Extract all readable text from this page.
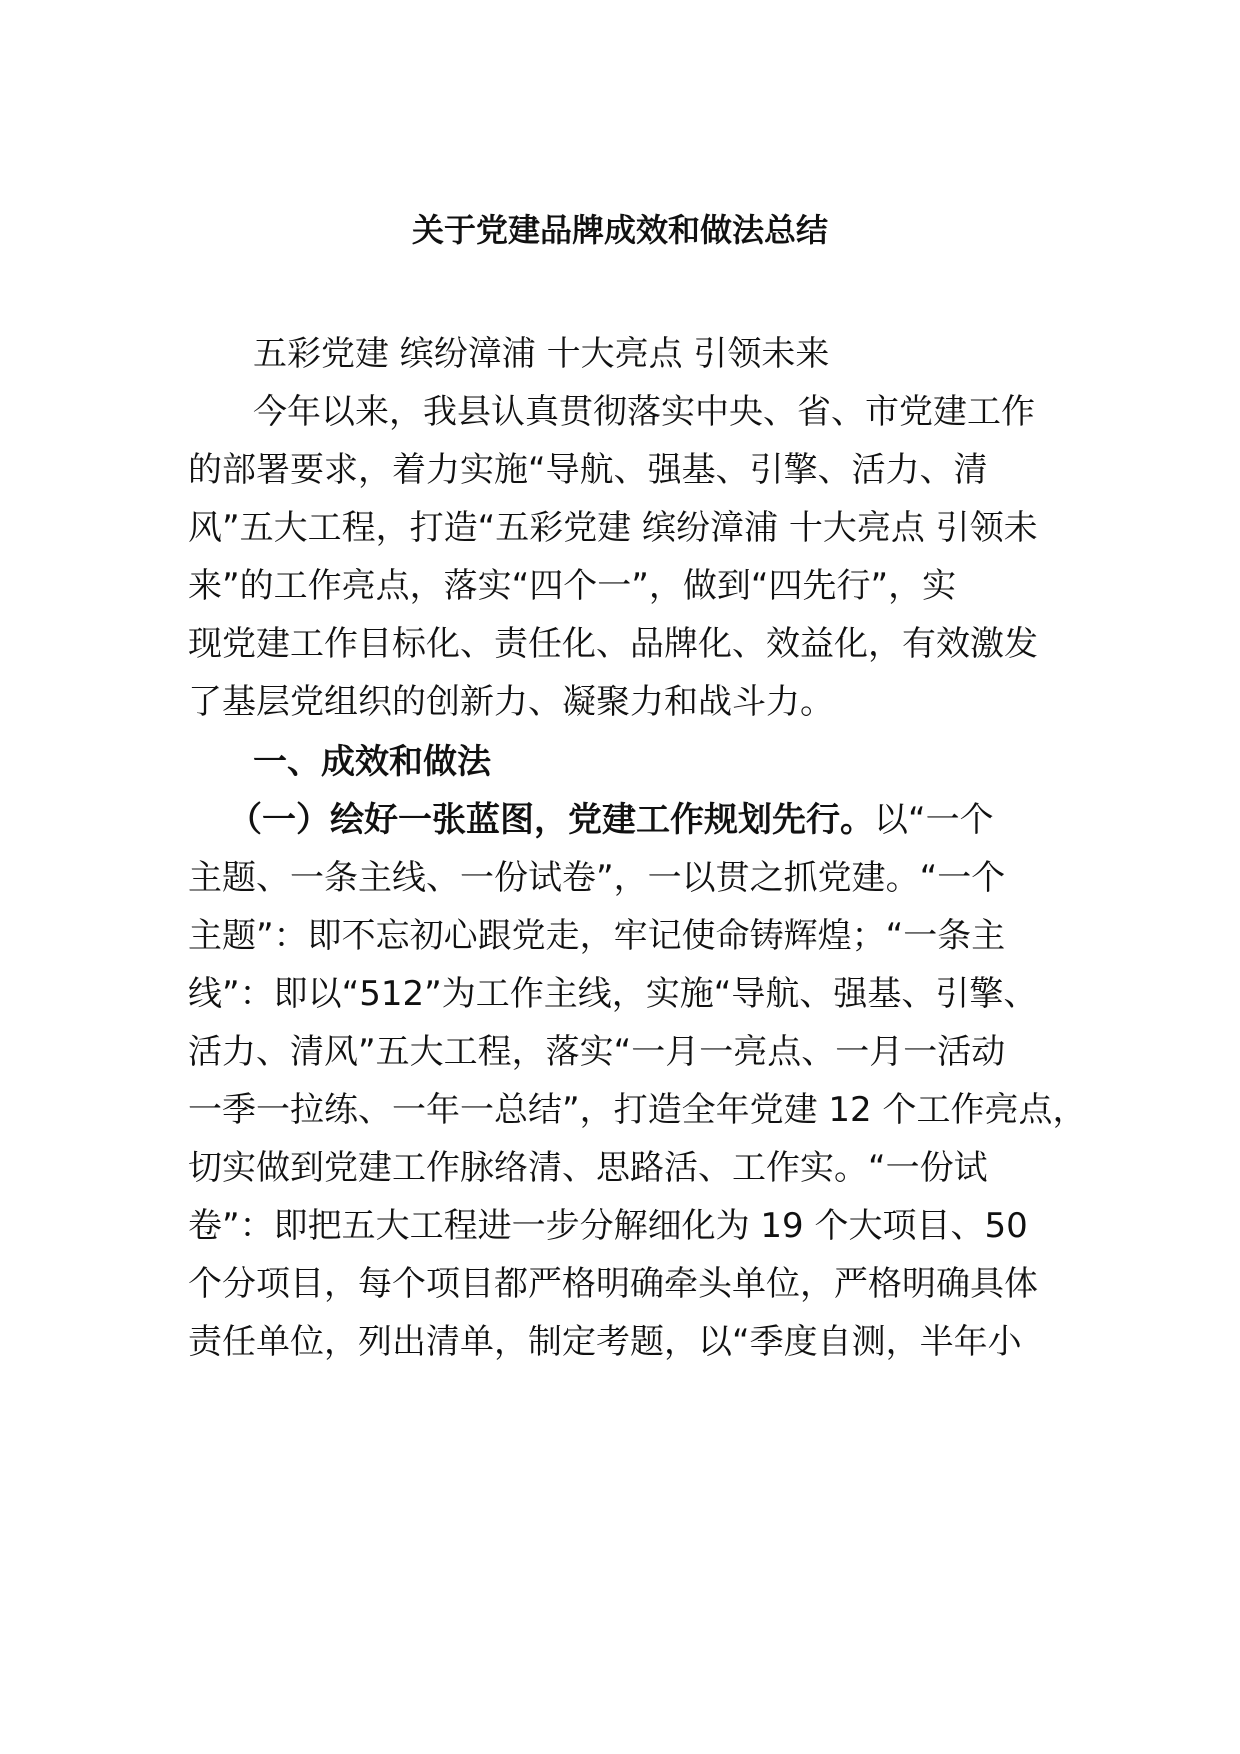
关于党建品牌成效和做法总结

五彩党建 缤纷漳浦 十大亮点 引领未来

今年以来，我县认真贯彻落实中央、省、市党建工作

的部署要求，着力实施“导航、强基、引擎、活力、清

风”五大工程，打造“五彩党建 缤纷漳浦 十大亮点 引领未

来”的工作亮点，落实“四个一”，做到“四先行”，实

现党建工作目标化、责任化、品牌化、效益化，有效激发

了基层党组织的创新力、凝聚力和战斗力。

一、成效和做法

（一）绘好一张蓝图，党建工作规划先行。以“一个

主题、一条主线、一份试卷”，一以贯之抓党建。“一个

主题”：即不忘初心跟党走，牢记使命铸辉煌；“一条主

线”：即以“512”为工作主线，实施“导航、强基、引擎、

活力、清风”五大工程，落实“一月一亮点、一月一活动

一季一拉练、一年一总结”，打造全年党建 12 个工作亮点，

切实做到党建工作脉络清、思路活、工作实。“一份试

卷”：即把五大工程进一步分解细化为 19 个大项目、50

个分项目，每个项目都严格明确牵头单位，严格明确具体

责任单位，列出清单，制定考题，以“季度自测，半年小
